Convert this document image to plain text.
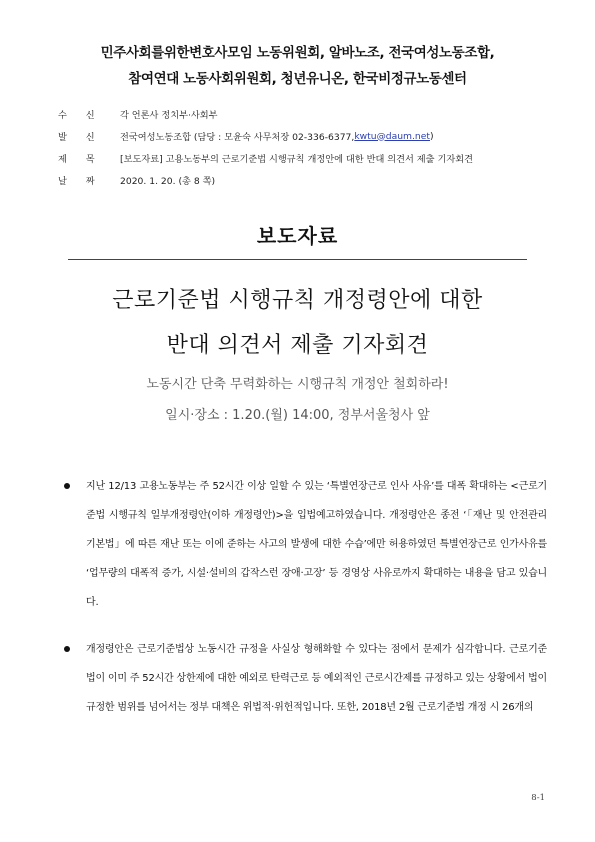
민주사회를위한변호사모임 노동위원회, 알바노조, 전국여성노동조합,
참여연대 노동사회위원회, 청년유니온, 한국비정규노동센터
수 신	각 언론사 정치부·사회부
발 신	전국여성노동조합 (담당 : 모윤숙 사무처장 02-336-6377, kwtu@daum.net )
제 목	[보도자료] 고용노동부의 근로기준법 시행규칙 개정안에 대한 반대 의견서 제출 기자회견
날 짜	2020. 1. 20. (총 8 쪽)
보도자료
근로기준법 시행규칙 개정령안에 대한
반대 의견서 제출 기자회견
노동시간 단축 무력화하는 시행규칙 개정안 철회하라!
일시·장소 : 1.20.(월) 14:00, 정부서울청사 앞
지난 12/13 고용노동부는 주 52시간 이상 일할 수 있는 ‘특별연장근로 인사 사유’를 대폭 확대하는 <근로기준법 시행규칙 일부개정령안(이하 개정령안)>을 입법예고하였습니다. 개정령안은 종전 ‘「재난 및 안전관리 기본법」에 따른 재난 또는 이에 준하는 사고의 발생에 대한 수습’에만 허용하였던 특별연장근로 인가사유를 ‘업무량의 대폭적 증가, 시설·설비의 갑작스런 장애·고장’ 등 경영상 사유로까지 확대하는 내용을 담고 있습니다.
개정령안은 근로기준법상 노동시간 규정을 사실상 형해화할 수 있다는 점에서 문제가 심각합니다. 근로기준법이 이미 주 52시간 상한제에 대한 예외로 탄력근로 등 예외적인 근로시간제를 규정하고 있는 상황에서 법이 규정한 범위를 넘어서는 정부 대책은 위법적·위헌적입니다. 또한, 2018년 2월 근로기준법 개정 시 26개의
8-1
